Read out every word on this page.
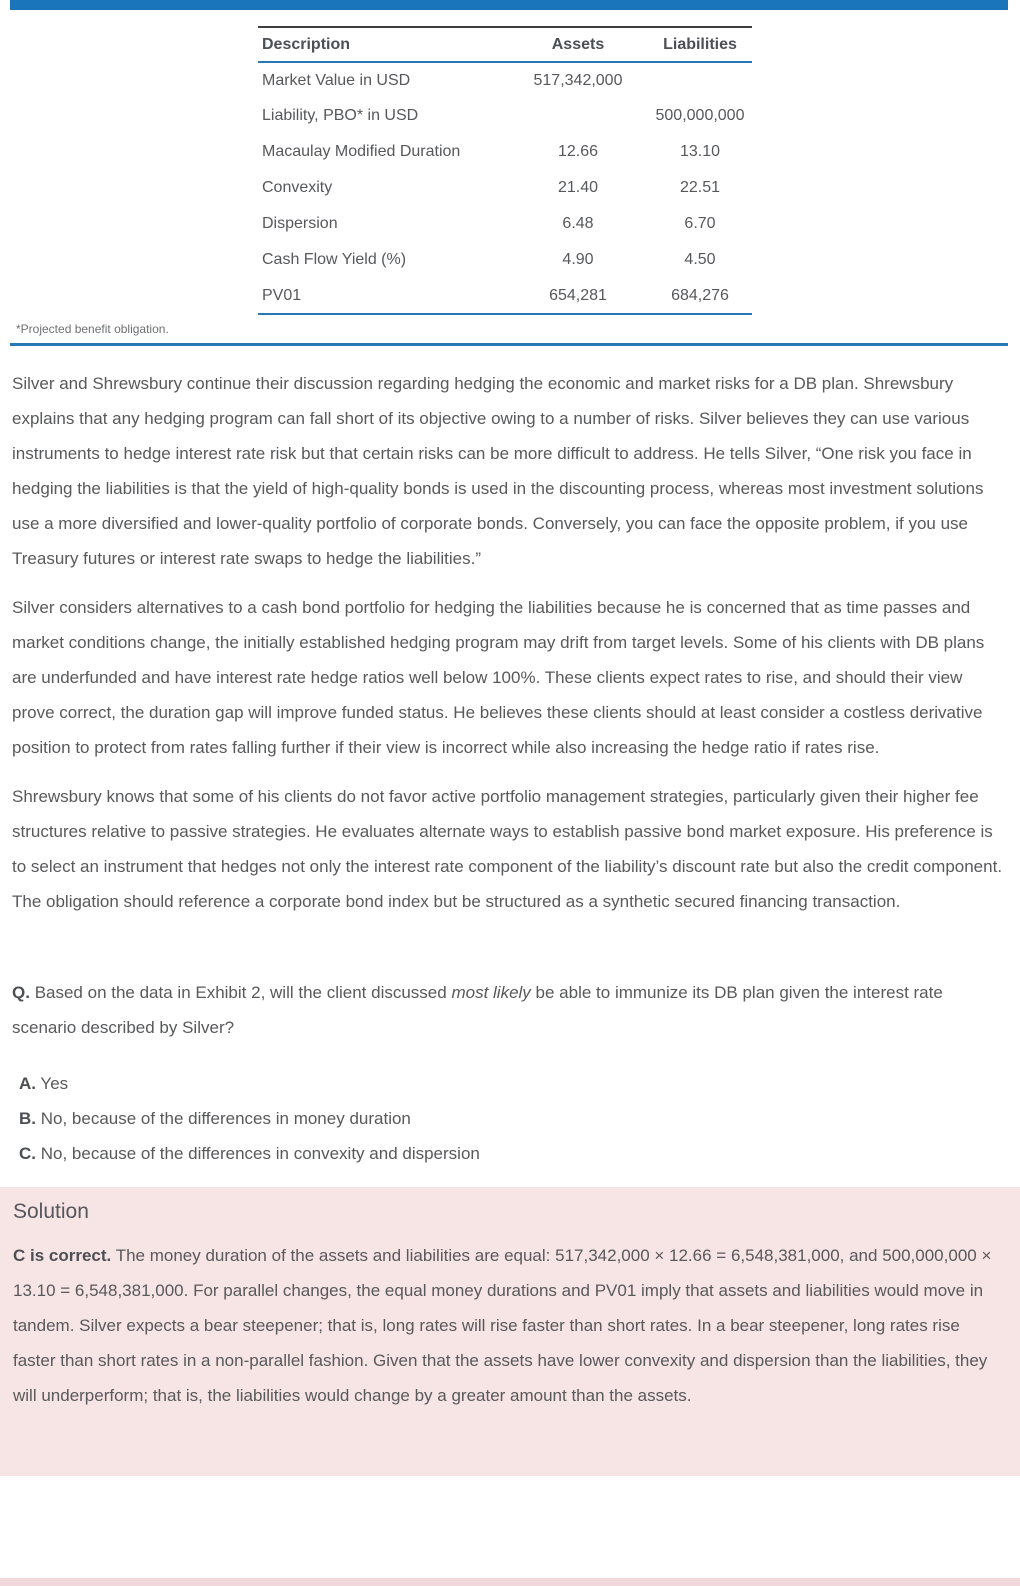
Description	Assets	Liabilities
Market Value in USD	517,342,000	
Liability, PBO* in USD		500,000,000
Macaulay Modified Duration	12.66	13.10
Convexity	21.40	22.51
Dispersion	6.48	6.70
Cash Flow Yield (%)	4.90	4.50
PV01	654,281	684,276
*Projected benefit obligation.

Silver and Shrewsbury continue their discussion regarding hedging the economic and market risks for a DB plan. Shrewsbury explains that any hedging program can fall short of its objective owing to a number of risks. Silver believes they can use various instruments to hedge interest rate risk but that certain risks can be more difficult to address. He tells Silver, “One risk you face in hedging the liabilities is that the yield of high-quality bonds is used in the discounting process, whereas most investment solutions use a more diversified and lower-quality portfolio of corporate bonds. Conversely, you can face the opposite problem, if you use Treasury futures or interest rate swaps to hedge the liabilities.”

Silver considers alternatives to a cash bond portfolio for hedging the liabilities because he is concerned that as time passes and market conditions change, the initially established hedging program may drift from target levels. Some of his clients with DB plans are underfunded and have interest rate hedge ratios well below 100%. These clients expect rates to rise, and should their view prove correct, the duration gap will improve funded status. He believes these clients should at least consider a costless derivative position to protect from rates falling further if their view is incorrect while also increasing the hedge ratio if rates rise.

Shrewsbury knows that some of his clients do not favor active portfolio management strategies, particularly given their higher fee structures relative to passive strategies. He evaluates alternate ways to establish passive bond market exposure. His preference is to select an instrument that hedges not only the interest rate component of the liability’s discount rate but also the credit component. The obligation should reference a corporate bond index but be structured as a synthetic secured financing transaction.

Q. Based on the data in Exhibit 2, will the client discussed most likely be able to immunize its DB plan given the interest rate scenario described by Silver?

A. Yes
B. No, because of the differences in money duration
C. No, because of the differences in convexity and dispersion
Solution

C is correct. The money duration of the assets and liabilities are equal: 517,342,000 × 12.66 = 6,548,381,000, and 500,000,000 × 13.10 = 6,548,381,000. For parallel changes, the equal money durations and PV01 imply that assets and liabilities would move in tandem. Silver expects a bear steepener; that is, long rates will rise faster than short rates. In a bear steepener, long rates rise faster than short rates in a non-parallel fashion. Given that the assets have lower convexity and dispersion than the liabilities, they will underperform; that is, the liabilities would change by a greater amount than the assets.
